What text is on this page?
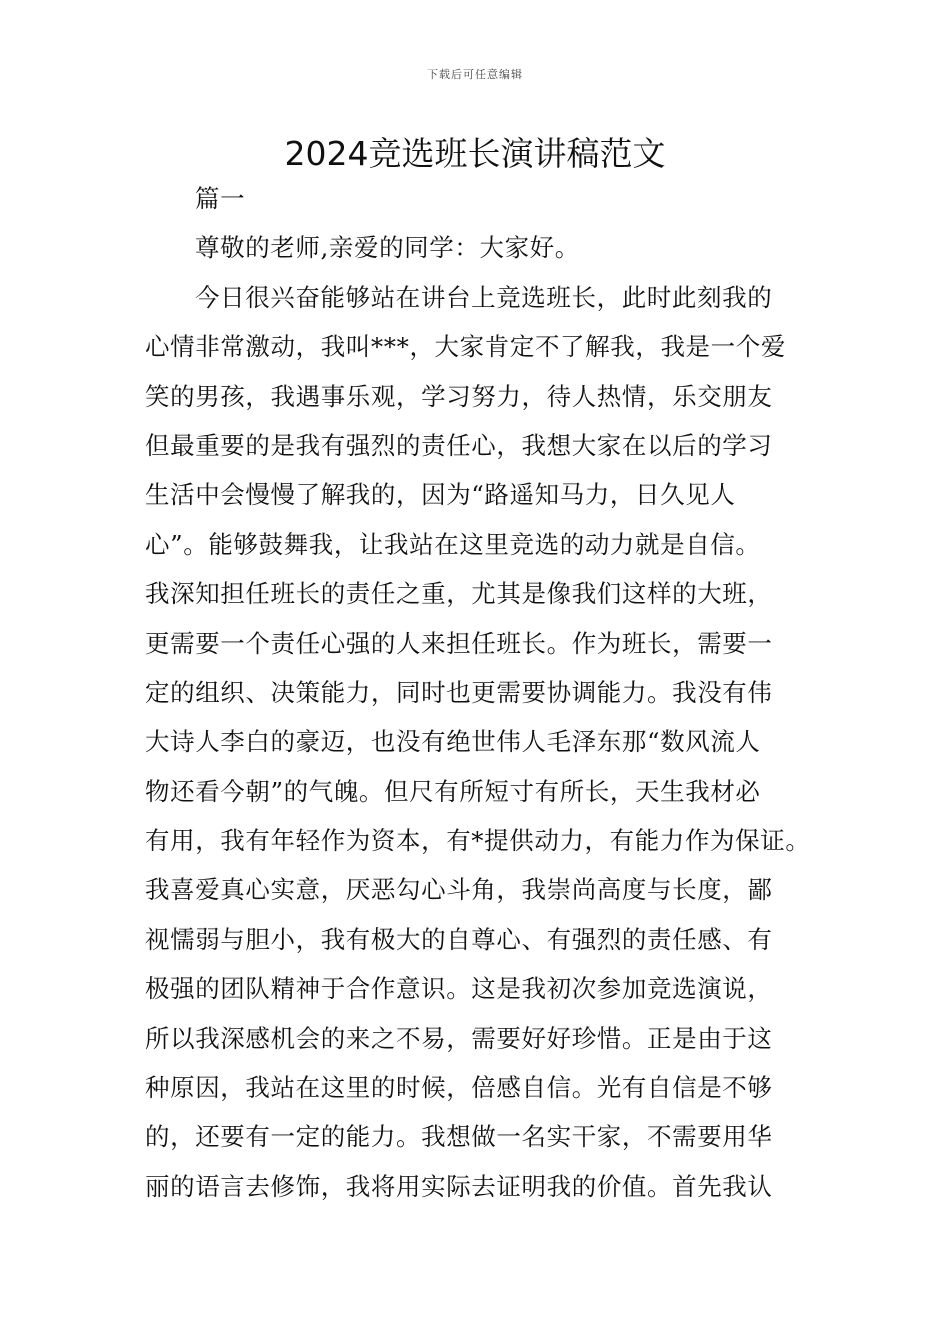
下载后可任意编辑
2024竞选班长演讲稿范文
篇一
尊敬的老师,亲爱的同学：大家好。
今日很兴奋能够站在讲台上竞选班长，此时此刻我的
心情非常激动，我叫***，大家肯定不了解我，我是一个爱
笑的男孩，我遇事乐观，学习努力，待人热情，乐交朋友
但最重要的是我有强烈的责任心，我想大家在以后的学习
生活中会慢慢了解我的，因为“路遥知马力，日久见人
心”。能够鼓舞我，让我站在这里竞选的动力就是自信。
我深知担任班长的责任之重，尤其是像我们这样的大班，
更需要一个责任心强的人来担任班长。作为班长，需要一
定的组织、决策能力，同时也更需要协调能力。我没有伟
大诗人李白的豪迈，也没有绝世伟人毛泽东那“数风流人
物还看今朝”的气魄。但尺有所短寸有所长，天生我材必
有用，我有年轻作为资本，有*提供动力，有能力作为保证。
我喜爱真心实意，厌恶勾心斗角，我崇尚高度与长度，鄙
视懦弱与胆小，我有极大的自尊心、有强烈的责任感、有
极强的团队精神于合作意识。这是我初次参加竞选演说，
所以我深感机会的来之不易，需要好好珍惜。正是由于这
种原因，我站在这里的时候，倍感自信。光有自信是不够
的，还要有一定的能力。我想做一名实干家，不需要用华
丽的语言去修饰，我将用实际去证明我的价值。首先我认
